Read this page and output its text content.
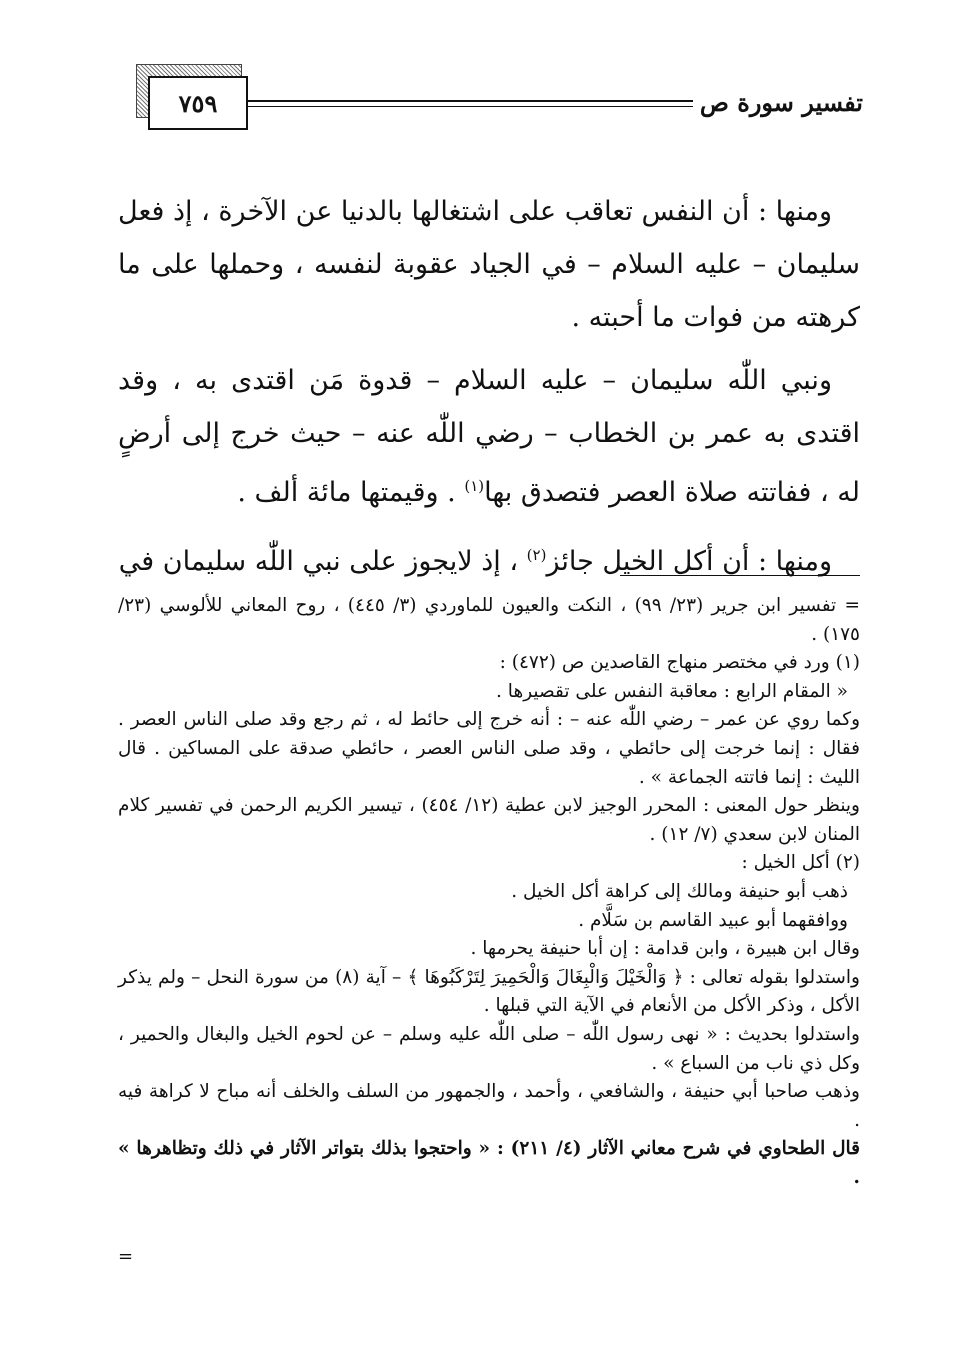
٧٥٩	تفسير سورة ص

ومنها : أن النفس تعاقب على اشتغالها بالدنيا عن الآخرة ، إذ فعل سليمان – عليه السلام – في الجياد عقوبة لنفسه ، وحملها على ما كرهته من فوات ما أحبته .

ونبي اللّٰه سليمان – عليه السلام – قدوة مَن اقتدى به ، وقد اقتدى به عمر بن الخطاب – رضي اللّٰه عنه – حيث خرج إلى أرضٍ له ، ففاتته صلاة العصر فتصدق بها$^{(١)}$ . وقيمتها مائة ألف .

ومنها : أن أكل الخيل جائز$^{(٢)}$ ، إذ لايجوز على نبي اللّٰه سليمان في

= تفسير ابن جرير (٢٣/ ٩٩) ، النكت والعيون للماوردي (٣/ ٤٤٥) ، روح المعاني للألوسي (٢٣/ ١٧٥) .

(١) ورد في مختصر منهاج القاصدين ص (٤٧٢) :

« المقام الرابع : معاقبة النفس على تقصيرها .

وكما روي عن عمر – رضي اللّٰه عنه – : أنه خرج إلى حائط له ، ثم رجع وقد صلى الناس العصر . فقال : إنما خرجت إلى حائطي ، وقد صلى الناس العصر ، حائطي صدقة على المساكين . قال الليث : إنما فاتته الجماعة » .

وينظر حول المعنى : المحرر الوجيز لابن عطية (١٢/ ٤٥٤) ، تيسير الكريم الرحمن في تفسير كلام المنان لابن سعدي (٧/ ١٢) .

(٢) أكل الخيل :

ذهب أبو حنيفة ومالك إلى كراهة أكل الخيل .

ووافقهما أبو عبيد القاسم بن سَلَّام .

وقال ابن هبيرة ، وابن قدامة : إن أبا حنيفة يحرمها .

واستدلوا بقوله تعالى : ﴿ وَالْخَيْلَ وَالْبِغَالَ وَالْحَمِيرَ لِتَرْكَبُوهَا ﴾ – آية (٨) من سورة النحل – ولم يذكر الأكل ، وذكر الأكل من الأنعام في الآية التي قبلها .

واستدلوا بحديث : « نهى رسول اللّٰه – صلى اللّٰه عليه وسلم – عن لحوم الخيل والبغال والحمير ، وكل ذي ناب من السباع » .

وذهب صاحبا أبي حنيفة ، والشافعي ، وأحمد ، والجمهور من السلف والخلف أنه مباح لا كراهة فيه .

قال الطحاوي في شرح معاني الآثار (٤/ ٢١١) : « واحتجوا بذلك بتواتر الآثار في ذلك وتظاهرها » .

=
